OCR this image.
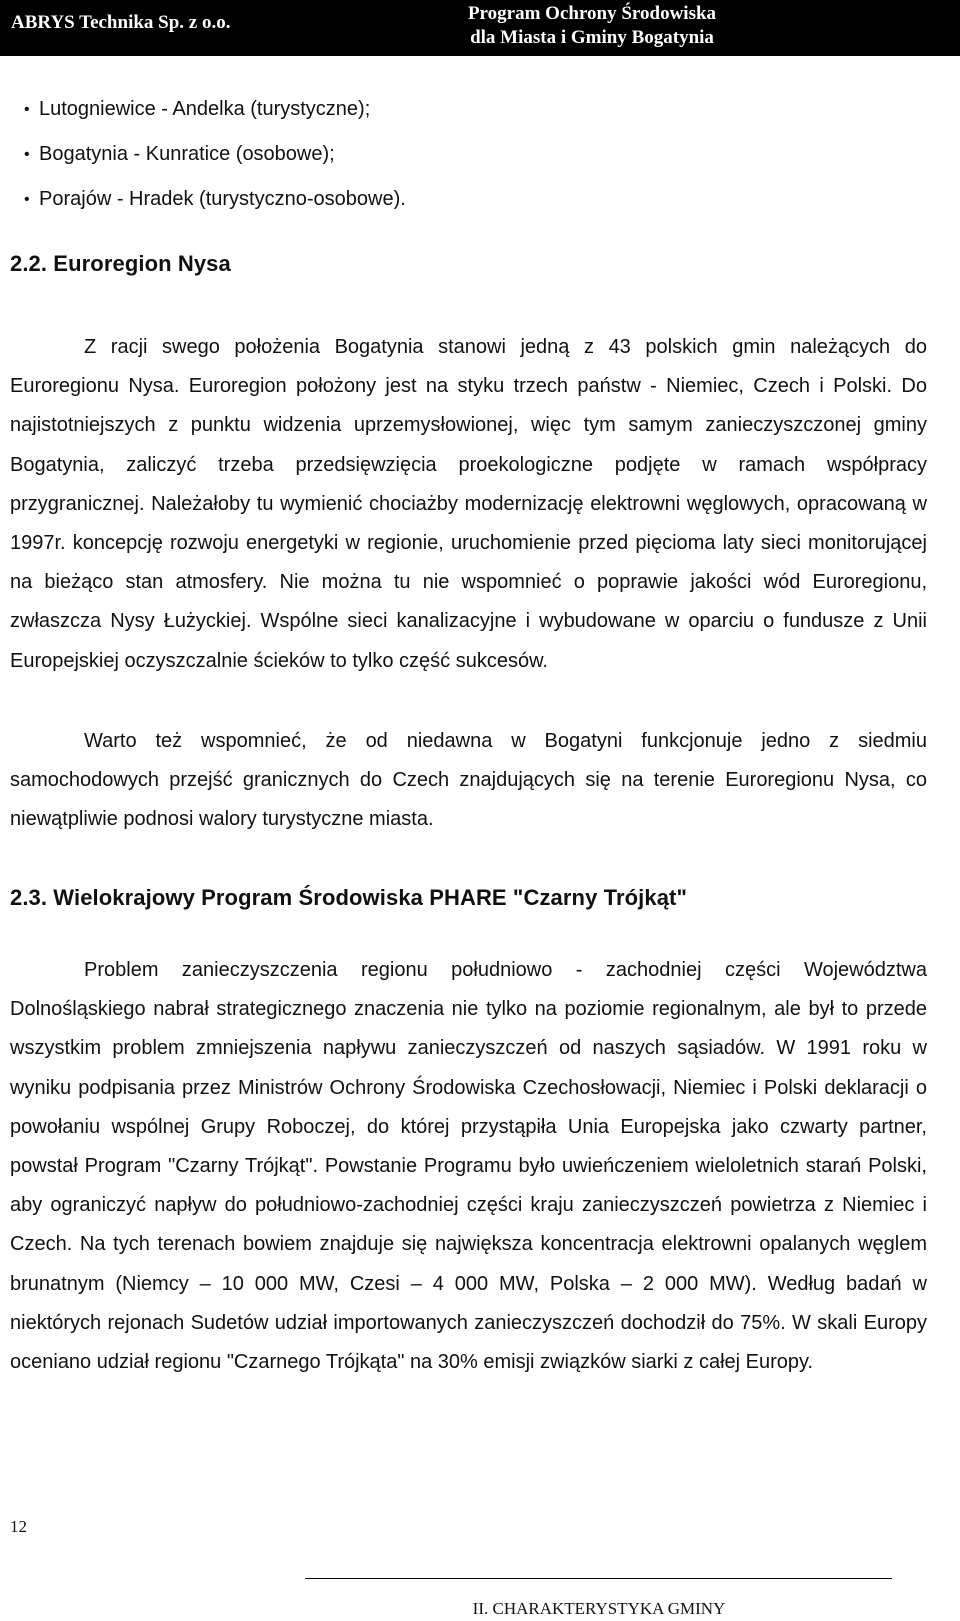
ABRYS Technika Sp. z o.o.	Program Ochrony Środowiska
dla Miasta i Gminy Bogatynia
• Lutogniewice - Andelka (turystyczne);
• Bogatynia - Kunratice (osobowe);
• Porajów - Hradek (turystyczno-osobowe).
2.2. Euroregion Nysa

Z racji swego położenia Bogatynia stanowi jedną z 43 polskich gmin należących do Euroregionu Nysa. Euroregion położony jest na styku trzech państw - Niemiec, Czech i Polski. Do najistotniejszych z punktu widzenia uprzemysłowionej, więc tym samym zanieczyszczonej gminy Bogatynia, zaliczyć trzeba przedsięwzięcia proekologiczne podjęte w ramach współpracy przygranicznej. Należałoby tu wymienić chociażby modernizację elektrowni węglowych, opracowaną w 1997r. koncepcję rozwoju energetyki w regionie, uruchomienie przed pięcioma laty sieci monitorującej na bieżąco stan atmosfery. Nie można tu nie wspomnieć o poprawie jakości wód Euroregionu, zwłaszcza Nysy Łużyckiej. Wspólne sieci kanalizacyjne i wybudowane w oparciu o fundusze z Unii Europejskiej oczyszczalnie ścieków to tylko część sukcesów.

Warto też wspomnieć, że od niedawna w Bogatyni funkcjonuje jedno z siedmiu samochodowych przejść granicznych do Czech znajdujących się na terenie Euroregionu Nysa, co niewątpliwie podnosi walory turystyczne miasta.

2.3. Wielokrajowy Program Środowiska PHARE "Czarny Trójkąt"

Problem zanieczyszczenia regionu południowo - zachodniej części Województwa Dolnośląskiego nabrał strategicznego znaczenia nie tylko na poziomie regionalnym, ale był to przede wszystkim problem zmniejszenia napływu zanieczyszczeń od naszych sąsiadów. W 1991 roku w wyniku podpisania przez Ministrów Ochrony Środowiska Czechosłowacji, Niemiec i Polski deklaracji o powołaniu wspólnej Grupy Roboczej, do której przystąpiła Unia Europejska jako czwarty partner, powstał Program "Czarny Trójkąt". Powstanie Programu było uwieńczeniem wieloletnich starań Polski, aby ograniczyć napływ do południowo-zachodniej części kraju zanieczyszczeń powietrza z Niemiec i Czech. Na tych terenach bowiem znajduje się największa koncentracja elektrowni opalanych węglem brunatnym (Niemcy – 10 000 MW, Czesi – 4 000 MW, Polska – 2 000 MW). Według badań w niektórych rejonach Sudetów udział importowanych zanieczyszczeń dochodził do 75%. W skali Europy oceniano udział regionu "Czarnego Trójkąta" na 30% emisji związków siarki z całej Europy.

12
II. CHARAKTERYSTYKA GMINY
